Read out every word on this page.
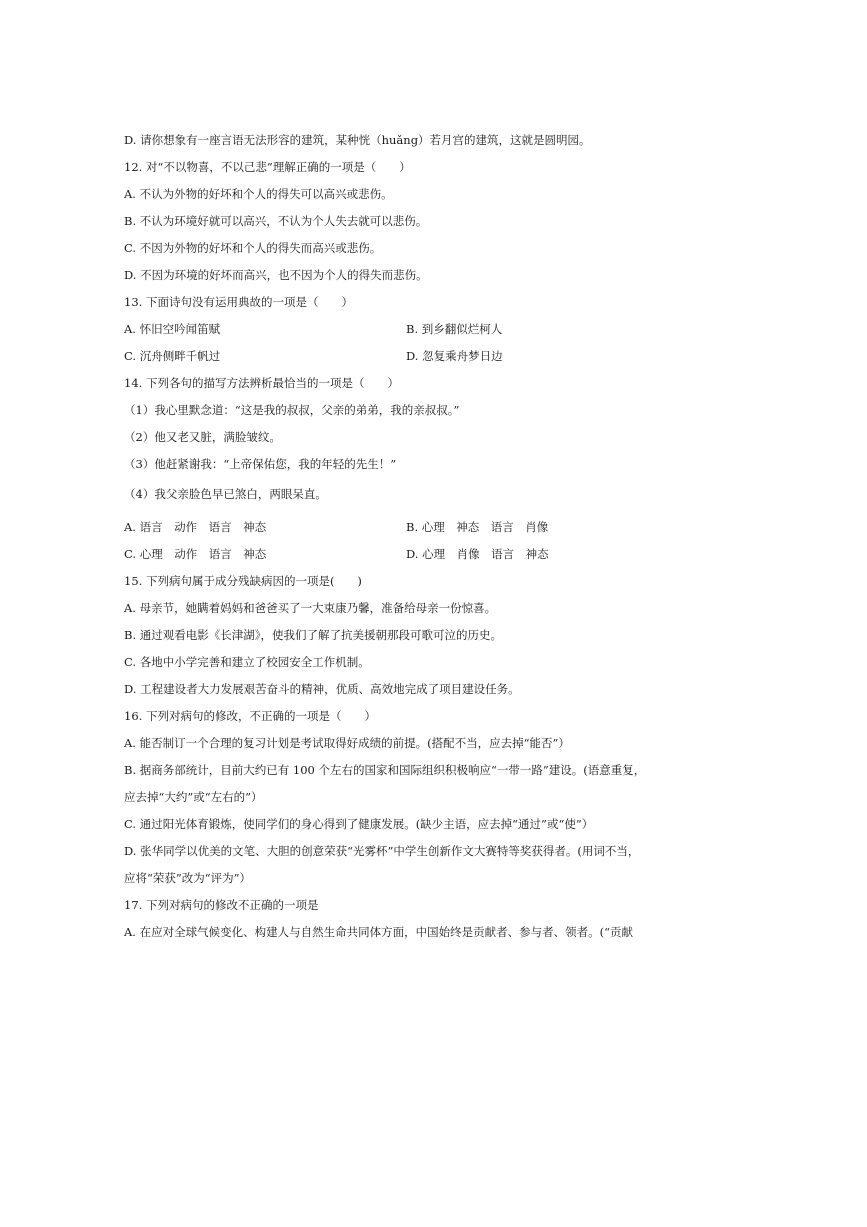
D. 请你想象有一座言语无法形容的建筑，某种恍（huǎng）若月宫的建筑，这就是圆明园。
12. 对“不以物喜，不以己悲”理解正确的一项是（　　）
A. 不认为外物的好坏和个人的得失可以高兴或悲伤。
B. 不认为环境好就可以高兴，不认为个人失去就可以悲伤。
C. 不因为外物的好坏和个人的得失而高兴或悲伤。
D. 不因为环境的好坏而高兴，也不因为个人的得失而悲伤。
13. 下面诗句没有运用典故的一项是（　　）
A. 怀旧空吟闻笛赋	B. 到乡翻似烂柯人
C. 沉舟侧畔千帆过	D. 忽复乘舟梦日边
14. 下列各句的描写方法辨析最恰当的一项是（　　）
（1）我心里默念道：“这是我的叔叔，父亲的弟弟，我的亲叔叔。”
（2）他又老又脏，满脸皱纹。
（3）他赶紧谢我：“上帝保佑您，我的年轻的先生！”
（4）我父亲脸色早已煞白，两眼呆直。
A. 语言　动作　语言　神态	B. 心理　神态　语言　肖像
C. 心理　动作　语言　神态	D. 心理　肖像　语言　神态
15. 下列病句属于成分残缺病因的一项是(　　)
A. 母亲节，她瞒着妈妈和爸爸买了一大束康乃馨，准备给母亲一份惊喜。
B. 通过观看电影《长津湖》，使我们了解了抗美援朝那段可歌可泣的历史。
C. 各地中小学完善和建立了校园安全工作机制。
D. 工程建设者大力发展艰苦奋斗的精神，优质、高效地完成了项目建设任务。
16. 下列对病句的修改，不正确的一项是（　　）
A. 能否制订一个合理的复习计划是考试取得好成绩的前提。(搭配不当，应去掉“能否”）
B. 据商务部统计，目前大约已有 100 个左右的国家和国际组织积极响应“一带一路”建设。(语意重复，
应去掉“大约”或“左右的”）
C. 通过阳光体育锻炼，使同学们的身心得到了健康发展。(缺少主语，应去掉“通过”或“使”）
D. 张华同学以优美的文笔、大胆的创意荣获“光雾杯”中学生创新作文大赛特等奖获得者。(用词不当，
应将“荣获”改为“评为”）
17. 下列对病句的修改不正确的一项是
A. 在应对全球气候变化、构建人与自然生命共同体方面，中国始终是贡献者、参与者、领者。(“贡献
